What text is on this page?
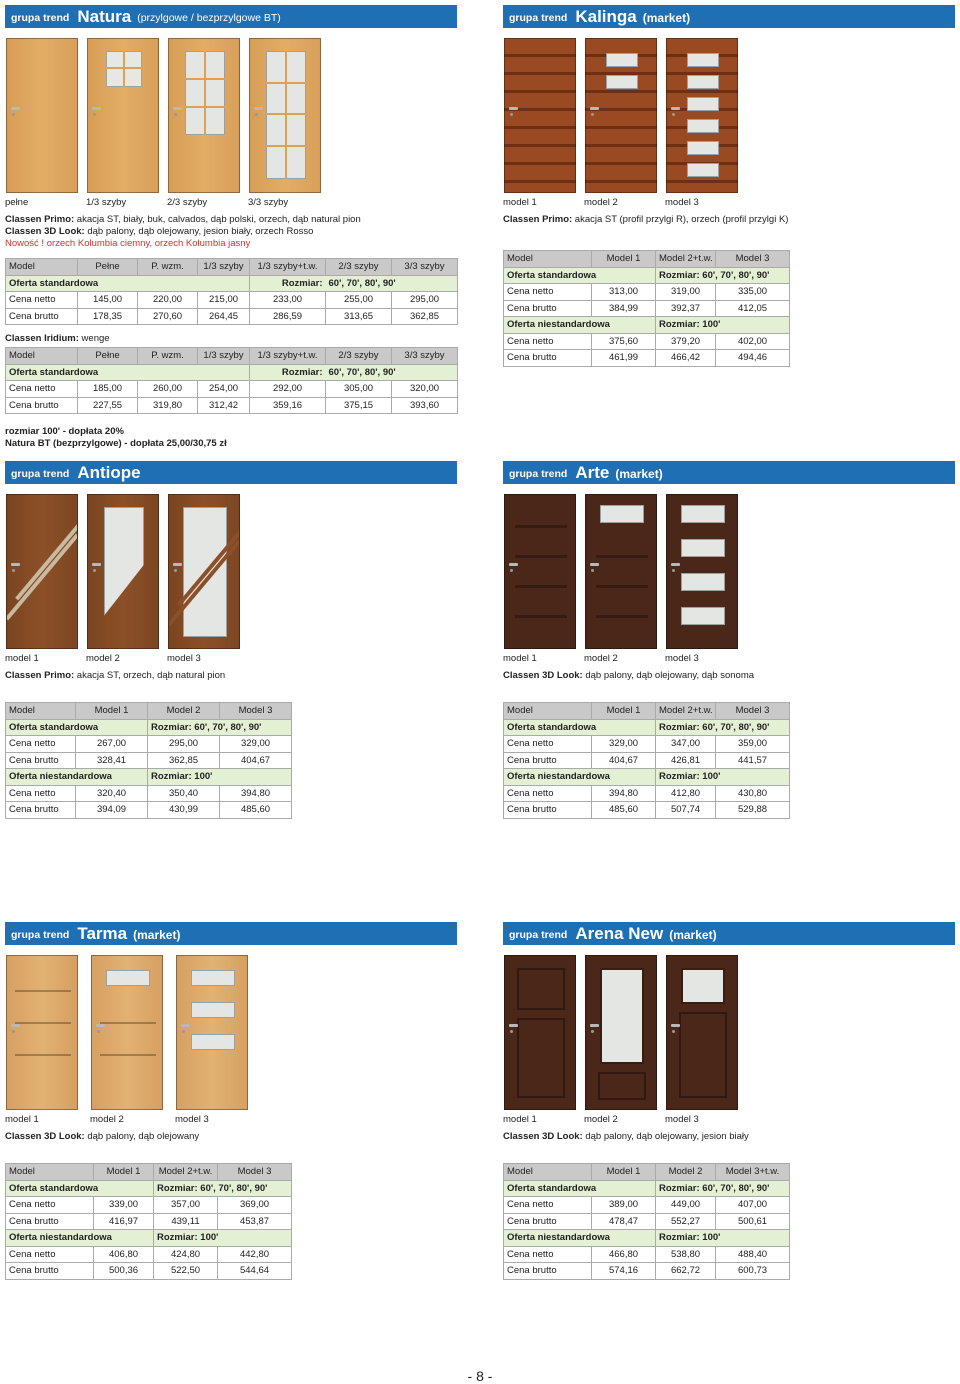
grupa trend Natura (przylgowe / bezprzylgowe BT)
pełne	1/3 szyby	2/3 szyby	3/3 szyby
Classen Primo: akacja ST, biały, buk, calvados, dąb polski, orzech, dąb natural pion
Classen 3D Look: dąb palony, dąb olejowany, jesion biały, orzech Rosso
Nowość ! orzech Kolumbia ciemny, orzech Kolumbia jasny
Model	Pełne	P. wzm.	1/3 szyby	1/3 szyby+t.w.	2/3 szyby	3/3 szyby
Oferta standardowa				Rozmiar:	60', 70', 80', 90'	
Cena netto	145,00	220,00	215,00	233,00	255,00	295,00
Cena brutto	178,35	270,60	264,45	286,59	313,65	362,85
Classen Iridium: wenge
Model	Pełne	P. wzm.	1/3 szyby	1/3 szyby+t.w.	2/3 szyby	3/3 szyby
Oferta standardowa				Rozmiar:	60', 70', 80', 90'	
Cena netto	185,00	260,00	254,00	292,00	305,00	320,00
Cena brutto	227,55	319,80	312,42	359,16	375,15	393,60
rozmiar 100' - dopłata 20%
Natura BT (bezprzylgowe) - dopłata 25,00/30,75 zł
grupa trend Kalinga (market)
model 1	model 2	model 3
Classen Primo: akacja ST (profil przylgi R), orzech (profil przylgi K)
Model	Model 1	Model 2+t.w.	Model 3
Oferta standardowa		Rozmiar: 60', 70', 80', 90'	
Cena netto	313,00	319,00	335,00
Cena brutto	384,99	392,37	412,05
Oferta niestandardowa		Rozmiar: 100'	
Cena netto	375,60	379,20	402,00
Cena brutto	461,99	466,42	494,46
grupa trend Antiope
model 1	model 2	model 3
Classen Primo: akacja ST, orzech, dąb natural pion
Model	Model 1	Model 2	Model 3
Oferta standardowa		Rozmiar: 60', 70', 80', 90'	
Cena netto	267,00	295,00	329,00
Cena brutto	328,41	362,85	404,67
Oferta niestandardowa		Rozmiar: 100'	
Cena netto	320,40	350,40	394,80
Cena brutto	394,09	430,99	485,60
grupa trend Arte (market)
model 1	model 2	model 3
Classen 3D Look: dąb palony, dąb olejowany, dąb sonoma
Model	Model 1	Model 2+t.w.	Model 3
Oferta standardowa		Rozmiar: 60', 70', 80', 90'	
Cena netto	329,00	347,00	359,00
Cena brutto	404,67	426,81	441,57
Oferta niestandardowa		Rozmiar: 100'	
Cena netto	394,80	412,80	430,80
Cena brutto	485,60	507,74	529,88
grupa trend Tarma (market)
model 1	model 2	model 3
Classen 3D Look: dąb palony, dąb olejowany
Model	Model 1	Model 2+t.w.	Model 3
Oferta standardowa		Rozmiar: 60', 70', 80', 90'	
Cena netto	339,00	357,00	369,00
Cena brutto	416,97	439,11	453,87
Oferta niestandardowa		Rozmiar: 100'	
Cena netto	406,80	424,80	442,80
Cena brutto	500,36	522,50	544,64
grupa trend Arena New (market)
model 1	model 2	model 3
Classen 3D Look: dąb palony, dąb olejowany, jesion biały
Model	Model 1	Model 2	Model 3+t.w.
Oferta standardowa		Rozmiar: 60', 70', 80', 90'	
Cena netto	389,00	449,00	407,00
Cena brutto	478,47	552,27	500,61
Oferta niestandardowa		Rozmiar: 100'	
Cena netto	466,80	538,80	488,40
Cena brutto	574,16	662,72	600,73
- 8 -
